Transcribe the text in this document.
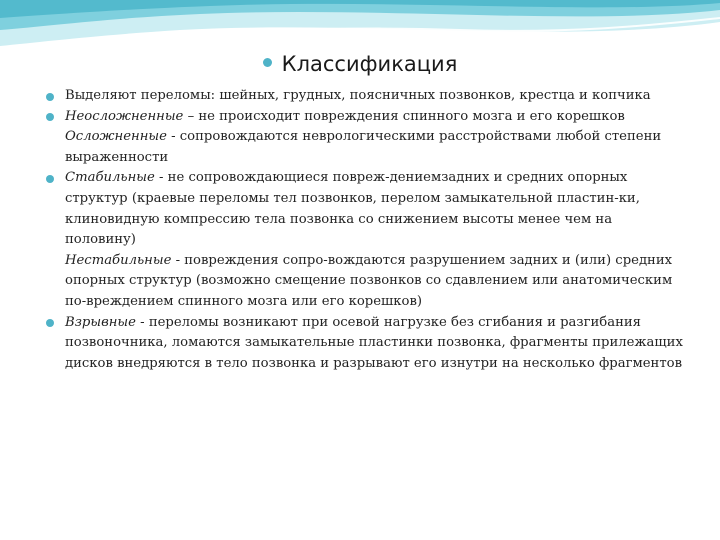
Классификация

Выделяют переломы: шейных, грудных, поясничных позвонков, крестца и копчика

Неосложненные – не происходит повреждения спинного мозга и его корешков

Осложненные - сопровождаются неврологическими расстройствами любой степени выраженности

Стабильные - не сопровождающиеся повреж-дениемзадних и средних опорных структур (краевые переломы тел позвонков, перелом замыкательной пластин-ки, клиновидную компрессию тела позвонка со снижением высоты менее чем на половину)

Нестабильные - повреждения сопро-вождаются разрушением задних и (или) средних опорных структур (возможно смещение позвонков со сдавлением или анатомическим по-вреждением спинного мозга или его корешков)

Взрывные - переломы возникают при осевой нагрузке без сгибания и разгибания позвоночника, ломаются замыкательные пластинки позвонка, фрагменты прилежащих дисков внедряются в тело позвонка и разрывают его изнутри на несколько фрагментов
